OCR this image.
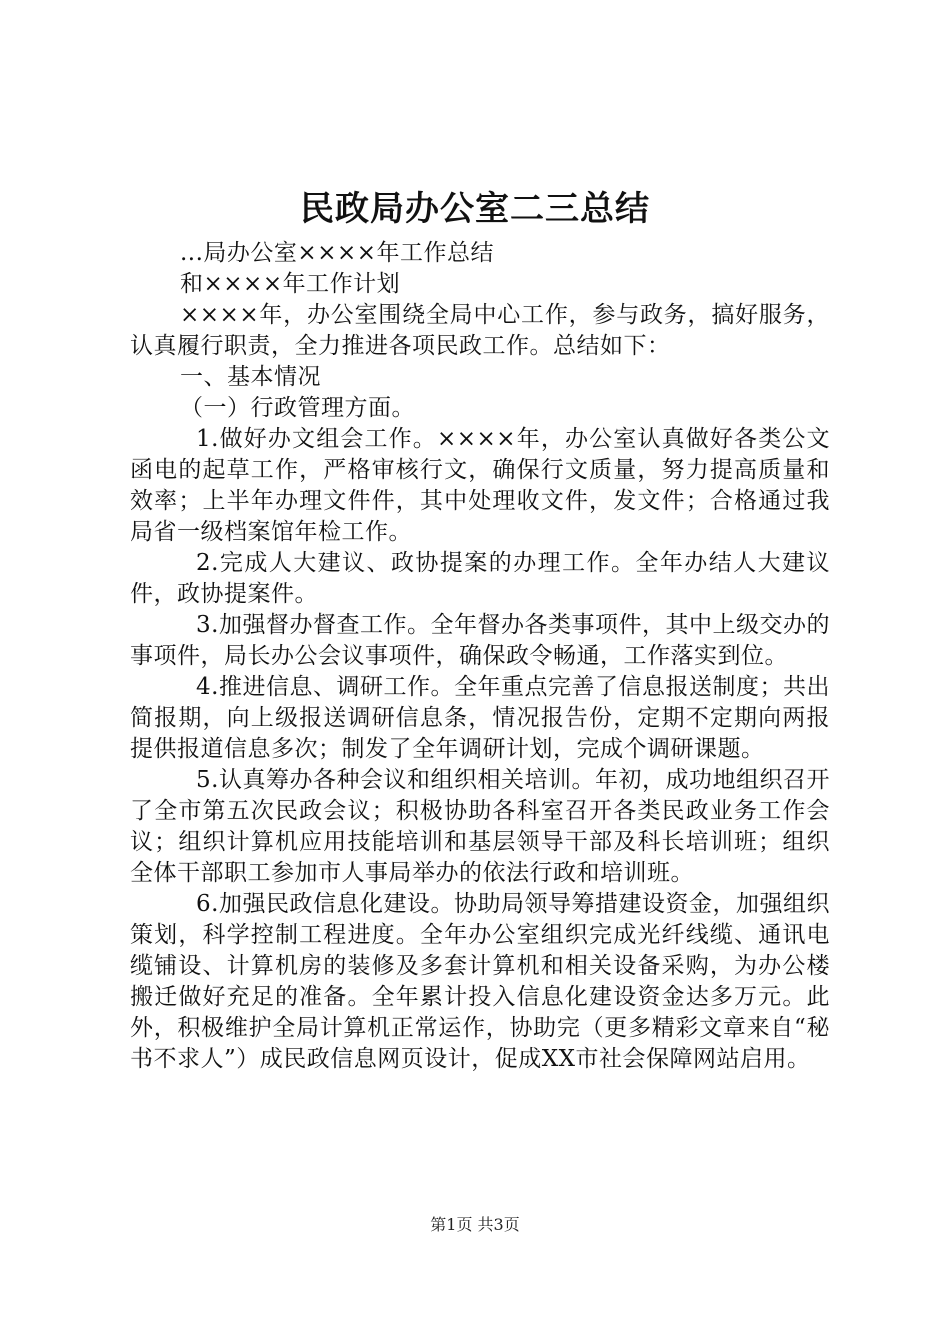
民政局办公室二三总结

...局办公室××××年工作总结

和××××年工作计划

××××年，办公室围绕全局中心工作，参与政务，搞好服务，认真履行职责，全力推进各项民政工作。总结如下：

一、基本情况

（一）行政管理方面。

1.做好办文组会工作。××××年，办公室认真做好各类公文函电的起草工作，严格审核行文，确保行文质量，努力提高质量和效率；上半年办理文件件，其中处理收文件，发文件；合格通过我局省一级档案馆年检工作。

2.完成人大建议、政协提案的办理工作。全年办结人大建议件，政协提案件。

3.加强督办督查工作。全年督办各类事项件，其中上级交办的事项件，局长办公会议事项件，确保政令畅通，工作落实到位。

4.推进信息、调研工作。全年重点完善了信息报送制度；共出简报期，向上级报送调研信息条，情况报告份，定期不定期向两报提供报道信息多次；制发了全年调研计划，完成个调研课题。

5.认真筹办各种会议和组织相关培训。年初，成功地组织召开了全市第五次民政会议；积极协助各科室召开各类民政业务工作会议；组织计算机应用技能培训和基层领导干部及科长培训班；组织全体干部职工参加市人事局举办的依法行政和培训班。

6.加强民政信息化建设。协助局领导筹措建设资金，加强组织策划，科学控制工程进度。全年办公室组织完成光纤线缆、通讯电缆铺设、计算机房的装修及多套计算机和相关设备采购，为办公楼搬迁做好充足的准备。全年累计投入信息化建设资金达多万元。此外，积极维护全局计算机正常运作，协助完（更多精彩文章来自“秘书不求人”）成民政信息网页设计，促成XX市社会保障网站启用。

第1页 共3页
